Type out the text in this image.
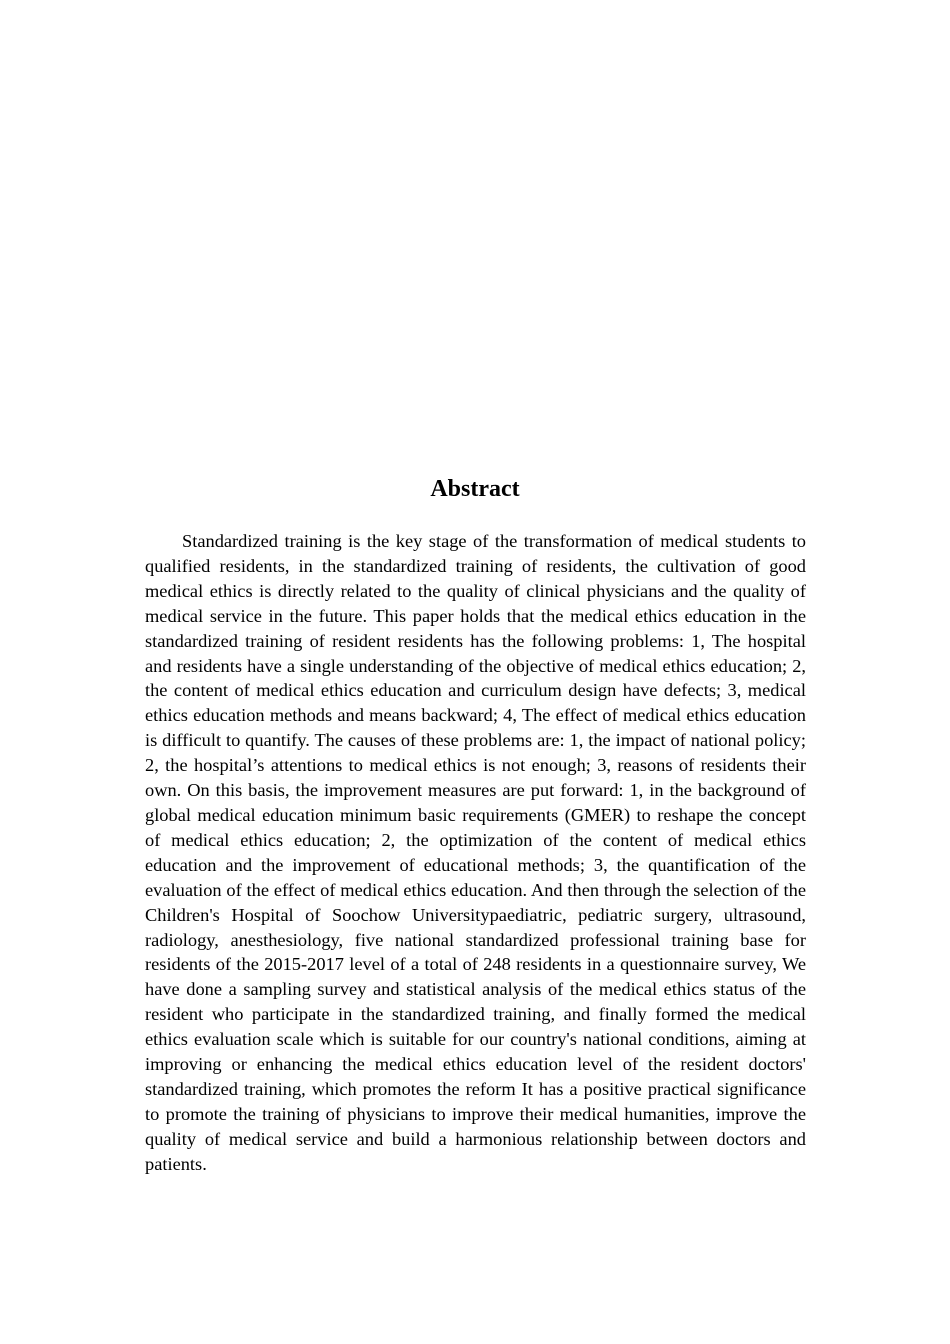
Abstract

Standardized training is the key stage of the transformation of medical students to qualified residents, in the standardized training of residents, the cultivation of good medical ethics is directly related to the quality of clinical physicians and the quality of medical service in the future. This paper holds that the medical ethics education in the standardized training of resident residents has the following problems: 1, The hospital and residents have a single understanding of the objective of medical ethics education; 2, the content of medical ethics education and curriculum design have defects; 3, medical ethics education methods and means backward; 4, The effect of medical ethics education is difficult to quantify. The causes of these problems are: 1, the impact of national policy; 2, the hospital’s attentions to medical ethics is not enough; 3, reasons of residents their own. On this basis, the improvement measures are put forward: 1, in the background of global medical education minimum basic requirements (GMER) to reshape the concept of medical ethics education; 2, the optimization of the content of medical ethics education and the improvement of educational methods; 3, the quantification of the evaluation of the effect of medical ethics education. And then through the selection of the Children's Hospital of Soochow Universitypaediatric, pediatric surgery, ultrasound, radiology, anesthesiology, five national standardized professional training base for residents of the 2015-2017 level of a total of 248 residents in a questionnaire survey, We have done a sampling survey and statistical analysis of the medical ethics status of the resident who participate in the standardized training, and finally formed the medical ethics evaluation scale which is suitable for our country's national conditions, aiming at improving or enhancing the medical ethics education level of the resident doctors' standardized training, which promotes the reform It has a positive practical significance to promote the training of physicians to improve their medical humanities, improve the quality of medical service and build a harmonious relationship between doctors and patients.
